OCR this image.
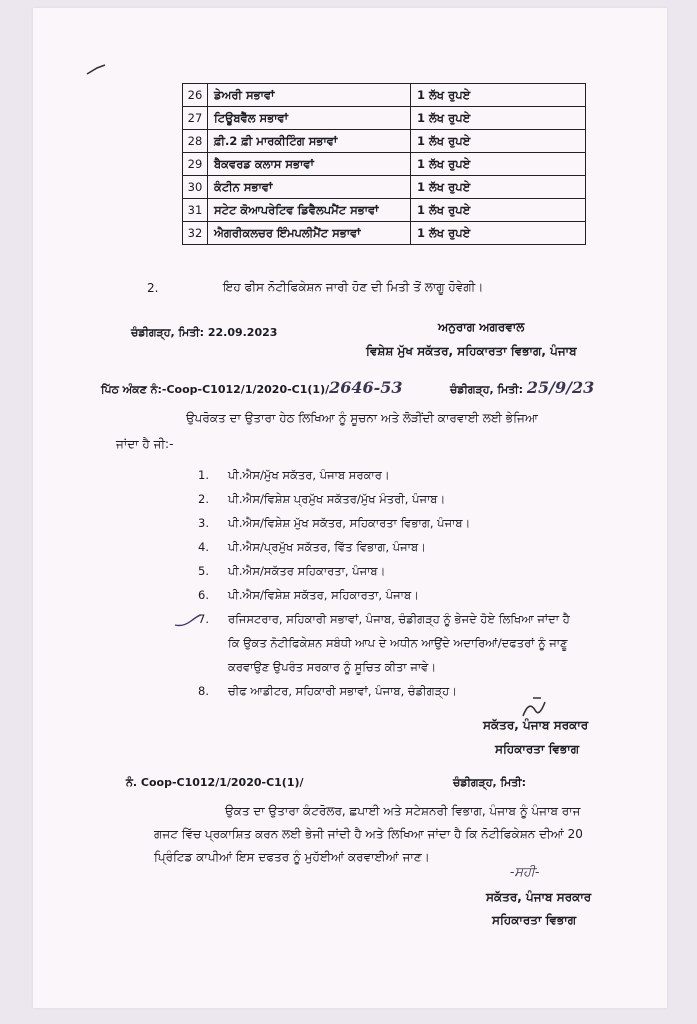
26	ਡੇਅਰੀ ਸਭਾਵਾਂ	1 ਲੱਖ ਰੁਪਏ
27	ਟਿਊਬਵੈੱਲ ਸਭਾਵਾਂ	1 ਲੱਖ ਰੁਪਏ
28	ਫ਼ੀ.2 ਫ਼ੀ ਮਾਰਕੀਟਿੰਗ ਸਭਾਵਾਂ	1 ਲੱਖ ਰੁਪਏ
29	ਬੈਕਵਰਡ ਕਲਾਸ ਸਭਾਵਾਂ	1 ਲੱਖ ਰੁਪਏ
30	ਕੰਟੀਨ ਸਭਾਵਾਂ	1 ਲੱਖ ਰੁਪਏ
31	ਸਟੇਟ ਕੋਆਪਰੇਟਿਵ ਡਿਵੈਲਪਮੈਂਟ ਸਭਾਵਾਂ	1 ਲੱਖ ਰੁਪਏ
32	ਐਗਰੀਕਲਚਰ ਇੰਮਪਲੀਮੈਂਟ ਸਭਾਵਾਂ	1 ਲੱਖ ਰੁਪਏ
2.	ਇਹ ਫੀਸ ਨੋਟੀਫਿਕੇਸ਼ਨ ਜਾਰੀ ਹੋਣ ਦੀ ਮਿਤੀ ਤੋਂ ਲਾਗੂ ਹੋਵੇਗੀ।
ਚੰਡੀਗੜ੍ਹ, ਮਿਤੀ: 22.09.2023	ਅਨੁਰਾਗ ਅਗਰਵਾਲ
ਵਿਸ਼ੇਸ਼ ਮੁੱਖ ਸਕੱਤਰ, ਸਹਿਕਾਰਤਾ ਵਿਭਾਗ, ਪੰਜਾਬ
ਪਿੱਠ ਅੰਕਣ ਨੰ:-Coop-C1012/1/2020-C1(1)/2646-53	ਚੰਡੀਗੜ੍ਹ, ਮਿਤੀ: 25/9/23
ਉਪਰੋਕਤ ਦਾ ਉਤਾਰਾ ਹੇਠ ਲਿਖਿਆ ਨੂੰ ਸੂਚਨਾ ਅਤੇ ਲੋੜੀਂਦੀ ਕਾਰਵਾਈ ਲਈ ਭੇਜਿਆ
ਜਾਂਦਾ ਹੈ ਜੀ:-
1. ਪੀ.ਐਸ/ਮੁੱਖ ਸਕੱਤਰ, ਪੰਜਾਬ ਸਰਕਾਰ।
2. ਪੀ.ਐਸ/ਵਿਸ਼ੇਸ਼ ਪ੍ਰਮੁੱਖ ਸਕੱਤਰ/ਮੁੱਖ ਮੰਤਰੀ, ਪੰਜਾਬ।
3. ਪੀ.ਐਸ/ਵਿਸ਼ੇਸ਼ ਮੁੱਖ ਸਕੱਤਰ, ਸਹਿਕਾਰਤਾ ਵਿਭਾਗ, ਪੰਜਾਬ।
4. ਪੀ.ਐਸ/ਪ੍ਰਮੁੱਖ ਸਕੱਤਰ, ਵਿੱਤ ਵਿਭਾਗ, ਪੰਜਾਬ।
5. ਪੀ.ਐਸ/ਸਕੱਤਰ ਸਹਿਕਾਰਤਾ, ਪੰਜਾਬ।
6. ਪੀ.ਐਸ/ਵਿਸ਼ੇਸ਼ ਸਕੱਤਰ, ਸਹਿਕਾਰਤਾ, ਪੰਜਾਬ।
7. ਰਜਿਸਟਰਾਰ, ਸਹਿਕਾਰੀ ਸਭਾਵਾਂ, ਪੰਜਾਬ, ਚੰਡੀਗੜ੍ਹ ਨੂੰ ਭੇਜਦੇ ਹੋਏ ਲਿਖਿਆ ਜਾਂਦਾ ਹੈ
ਕਿ ਉਕਤ ਨੋਟੀਫਿਕੇਸ਼ਨ ਸਬੰਧੀ ਆਪ ਦੇ ਅਧੀਨ ਆਉਂਦੇ ਅਦਾਰਿਆਂ/ਦਫਤਰਾਂ ਨੂੰ ਜਾਣੂ
ਕਰਵਾਉਣ ਉਪਰੰਤ ਸਰਕਾਰ ਨੂੰ ਸੂਚਿਤ ਕੀਤਾ ਜਾਵੇ।
8. ਚੀਫ ਆਡੀਟਰ, ਸਹਿਕਾਰੀ ਸਭਾਵਾਂ, ਪੰਜਾਬ, ਚੰਡੀਗੜ੍ਹ।
ਸਕੱਤਰ, ਪੰਜਾਬ ਸਰਕਾਰ
ਸਹਿਕਾਰਤਾ ਵਿਭਾਗ
ਨੰ. Coop-C1012/1/2020-C1(1)/	ਚੰਡੀਗੜ੍ਹ, ਮਿਤੀ:
ਉਕਤ ਦਾ ਉਤਾਰਾ ਕੰਟਰੋਲਰ, ਛਪਾਈ ਅਤੇ ਸਟੇਸ਼ਨਰੀ ਵਿਭਾਗ, ਪੰਜਾਬ ਨੂੰ ਪੰਜਾਬ ਰਾਜ
ਗਜਟ ਵਿੱਚ ਪ੍ਰਕਾਸ਼ਿਤ ਕਰਨ ਲਈ ਭੇਜੀ ਜਾਂਦੀ ਹੈ ਅਤੇ ਲਿਖਿਆ ਜਾਂਦਾ ਹੈ ਕਿ ਨੋਟੀਫਿਕੇਸ਼ਨ ਦੀਆਂ 20
ਪ੍ਰਿੰਟਿਡ ਕਾਪੀਆਂ ਇਸ ਦਫਤਰ ਨੂੰ ਮੁਹੱਈਆਂ ਕਰਵਾਈਆਂ ਜਾਣ।
-ਸਹੀ-
ਸਕੱਤਰ, ਪੰਜਾਬ ਸਰਕਾਰ
ਸਹਿਕਾਰਤਾ ਵਿਭਾਗ
